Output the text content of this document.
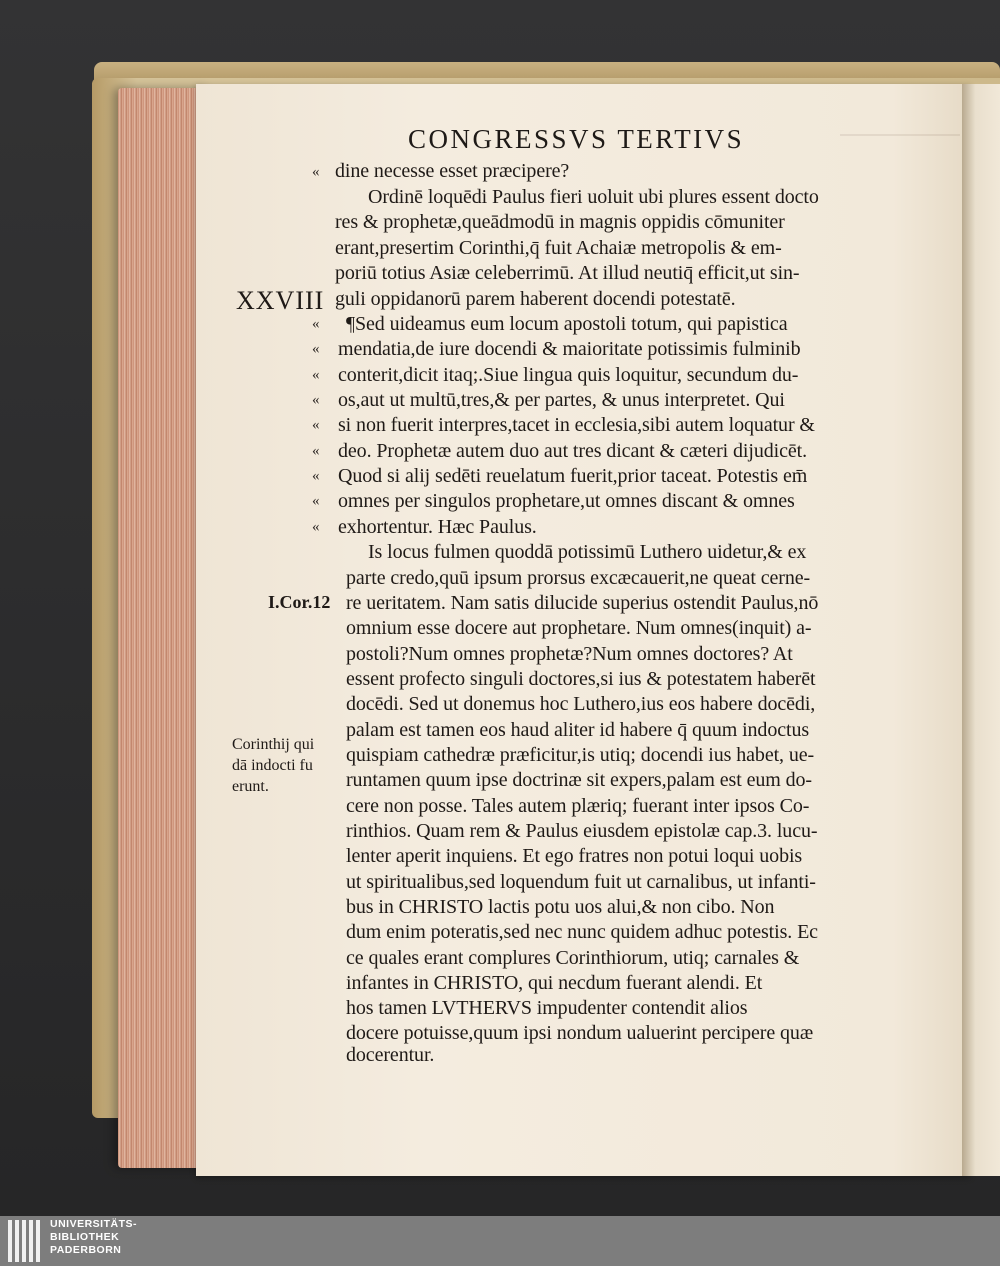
CONGRESSVS TERTIVS
dine necesse esset præcipere?
Ordinē loquēdi Paulus fieri uoluit ubi plures essent docto
res & prophetæ,queādmodū in magnis oppidis cōmuniter
erant,presertim Corinthi,q̄ fuit Achaiæ metropolis & em-
poriū totius Asiæ celeberrimū. At illud neutiq̄ efficit,ut sin-
guli oppidanorū parem haberent docendi potestatē.
¶Sed uideamus eum locum apostoli totum, qui papistica
mendatia,de iure docendi & maioritate potissimis fulminib
conterit,dicit itaq;.Siue lingua quis loquitur, secundum du-
os,aut ut multū,tres,& per partes, & unus interpretet. Qui
si non fuerit interpres,tacet in ecclesia,sibi autem loquatur &
deo. Prophetæ autem duo aut tres dicant & cæteri dijudicēt.
Quod si alij sedēti reuelatum fuerit,prior taceat. Potestis em̄
omnes per singulos prophetare,ut omnes discant & omnes
exhortentur. Hæc Paulus.
Is locus fulmen quoddā potissimū Luthero uidetur,& ex
parte credo,quū ipsum prorsus excæcauerit,ne queat cerne-
re ueritatem. Nam satis dilucide superius ostendit Paulus,nō
omnium esse docere aut prophetare. Num omnes(inquit) a-
postoli?Num omnes prophetæ?Num omnes doctores? At
essent profecto singuli doctores,si ius & potestatem haberēt
docēdi. Sed ut donemus hoc Luthero,ius eos habere docēdi,
palam est tamen eos haud aliter id habere q̄ quum indoctus
quispiam cathedræ præficitur,is utiq; docendi ius habet, ue-
runtamen quum ipse doctrinæ sit expers,palam est eum do-
cere non posse. Tales autem plæriq; fuerant inter ipsos Co-
rinthios. Quam rem & Paulus eiusdem epistolæ cap.3. lucu-
lenter aperit inquiens. Et ego fratres non potui loqui uobis
ut spiritualibus,sed loquendum fuit ut carnalibus, ut infanti-
bus in CHRISTO lactis potu uos alui,& non cibo. Non
dum enim poteratis,sed nec nunc quidem adhuc potestis. Ec
ce quales erant complures Corinthiorum, utiq; carnales &
infantes in CHRISTO, qui necdum fuerant alendi. Et
hos tamen LVTHERVS impudenter contendit alios
docere potuisse,quum ipsi nondum ualuerint percipere quæ
docerentur.
«
«
«
«
«
«
«
«
«
«
XXVIII
I.Cor.12
Corinthij qui
dā indocti fu
erunt.
UNIVERSITÄTS-
BIBLIOTHEK
PADERBORN
